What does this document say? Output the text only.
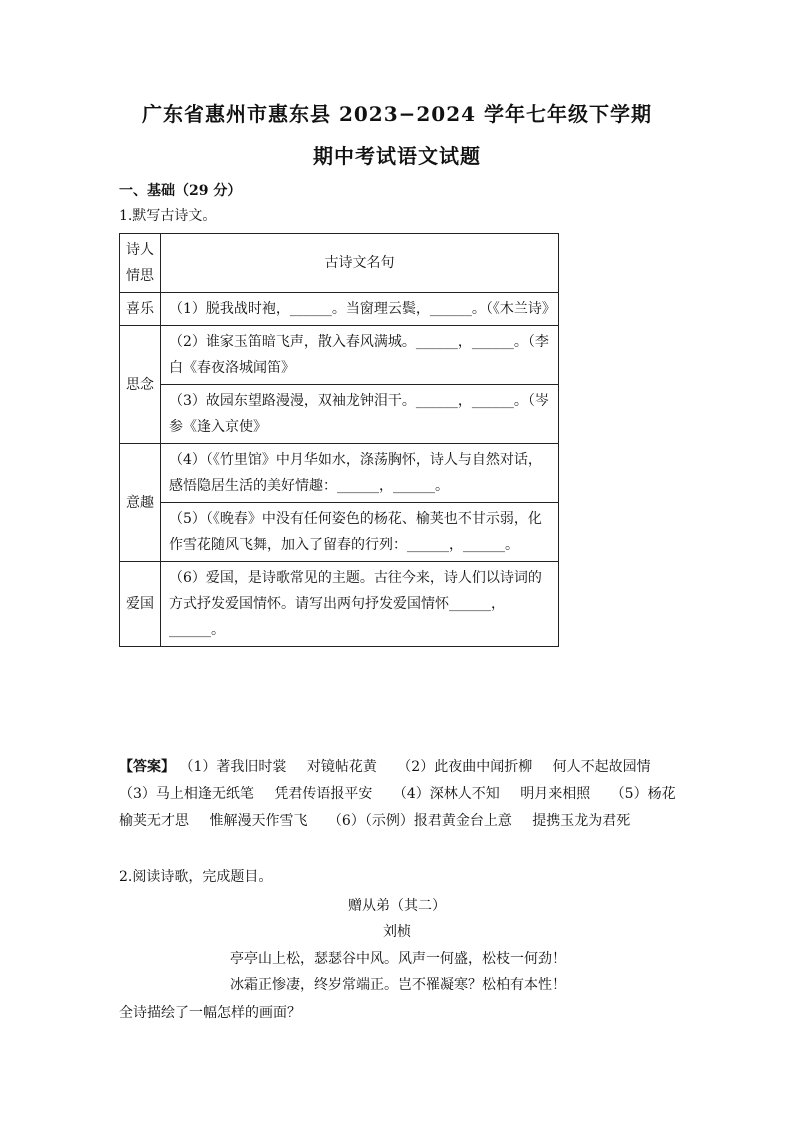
广东省惠州市惠东县 2023−2024 学年七年级下学期
期中考试语文试题
一、基础（29 分）
1.默写古诗文。
诗人情思	古诗文名句
喜乐	（1）脱我战时袍，______。当窗理云鬓，______。（《木兰诗》
思念	（2）谁家玉笛暗飞声，散入春风满城。______，______。（李白《春夜洛城闻笛》
	（3）故园东望路漫漫，双袖龙钟泪干。______，______。（岑参《逢入京使》
意趣	（4）（《竹里馆》中月华如水，涤荡胸怀，诗人与自然对话，感悟隐居生活的美好情趣：______，______。
	（5）（《晚春》中没有任何姿色的杨花、榆荚也不甘示弱，化作雪花随风飞舞，加入了留春的行列：______，______。
爱国	（6）爱国，是诗歌常见的主题。古往今来，诗人们以诗词的方式抒发爱国情怀。请写出两句抒发爱国情怀______，______。
【答案】 （1）著我旧时裳 对镜帖花黄 （2）此夜曲中闻折柳 何人不起故园情 （3）马上相逢无纸笔 凭君传语报平安 （4）深林人不知 明月来相照 （5）杨花榆荚无才思 惟解漫天作雪飞 （6）（示例）报君黄金台上意 提携玉龙为君死
2.阅读诗歌，完成题目。
赠从弟（其二）
刘桢
亭亭山上松，瑟瑟谷中风。风声一何盛，松枝一何劲！
冰霜正惨凄，终岁常端正。岂不罹凝寒？松柏有本性！
全诗描绘了一幅怎样的画面？
